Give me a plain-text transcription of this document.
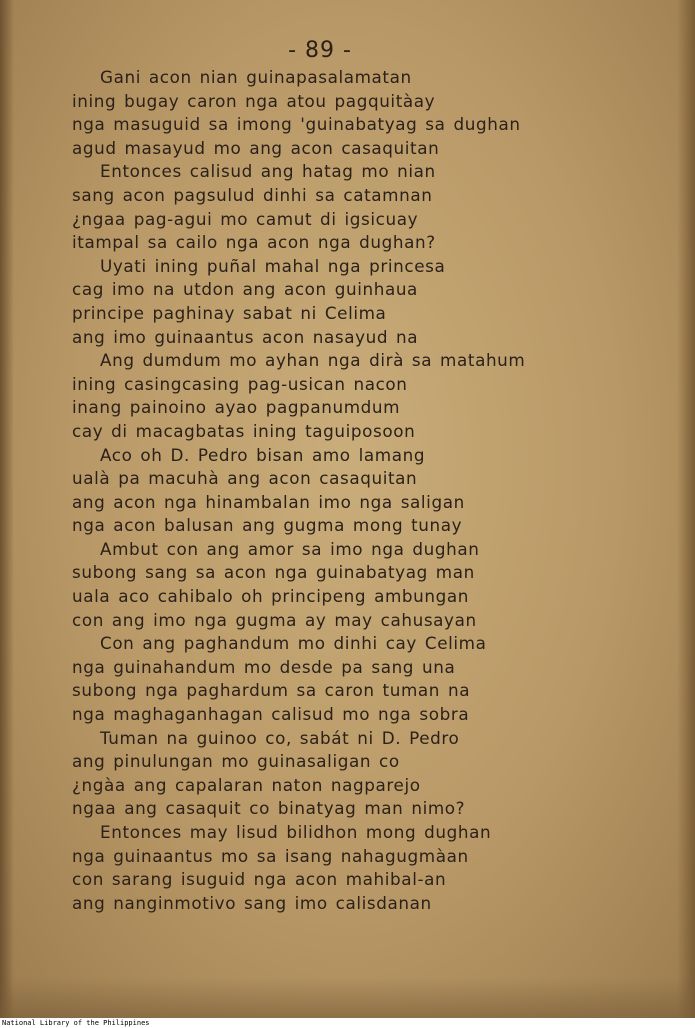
- 89 -
Gani acon nian guinapasalamatan
ining bugay caron nga atou pagquitàay
nga masuguid sa imong 'guinabatyag sa dughan
agud masayud mo ang acon casaquitan
Entonces calisud ang hatag mo nian
sang acon pagsulud dinhi sa catamnan
¿ngaa pag-agui mo camut di igsicuay
itampal sa cailo nga acon nga dughan?
Uyati ining puñal mahal nga princesa
cag imo na utdon ang acon guinhaua
principe paghinay sabat ni Celima
ang imo guinaantus acon nasayud na
Ang dumdum mo ayhan nga dirà sa matahum
ining casingcasing pag-usican nacon
inang painoino ayao pagpanumdum
cay di macagbatas ining taguiposoon
Aco oh D. Pedro bisan amo lamang
ualà pa macuhà ang acon casaquitan
ang acon nga hinambalan imo nga saligan
nga acon balusan ang gugma mong tunay
Ambut con ang amor sa imo nga dughan
subong sang sa acon nga guinabatyag man
uala aco cahibalo oh principeng ambungan
con ang imo nga gugma ay may cahusayan
Con ang paghandum mo dinhi cay Celima
nga guinahandum mo desde pa sang una
subong nga paghardum sa caron tuman na
nga maghaganhagan calisud mo nga sobra
Tuman na guinoo co, sabát ni D. Pedro
ang pinulungan mo guinasaligan co
¿ngàa ang capalaran naton nagparejo
ngaa ang casaquit co binatyag man nimo?
Entonces may lisud bilidhon mong dughan
nga guinaantus mo sa isang nahagugmàan
con sarang isuguid nga acon mahibal-an
ang nanginmotivo sang imo calisdanan
National Library of the Philippines
